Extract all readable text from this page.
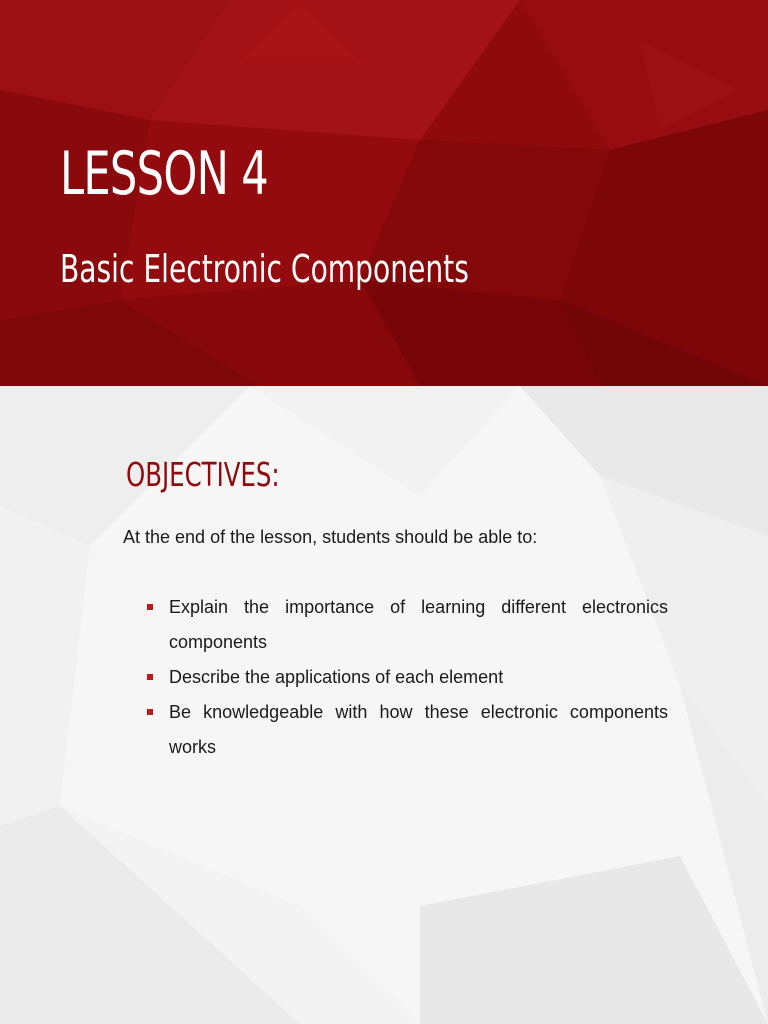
LESSON 4
Basic Electronic Components
OBJECTIVES:

At the end of the lesson, students should be able to:

Explain the importance of learning different electronics components
Describe the applications of each element
Be knowledgeable with how these electronic components works
